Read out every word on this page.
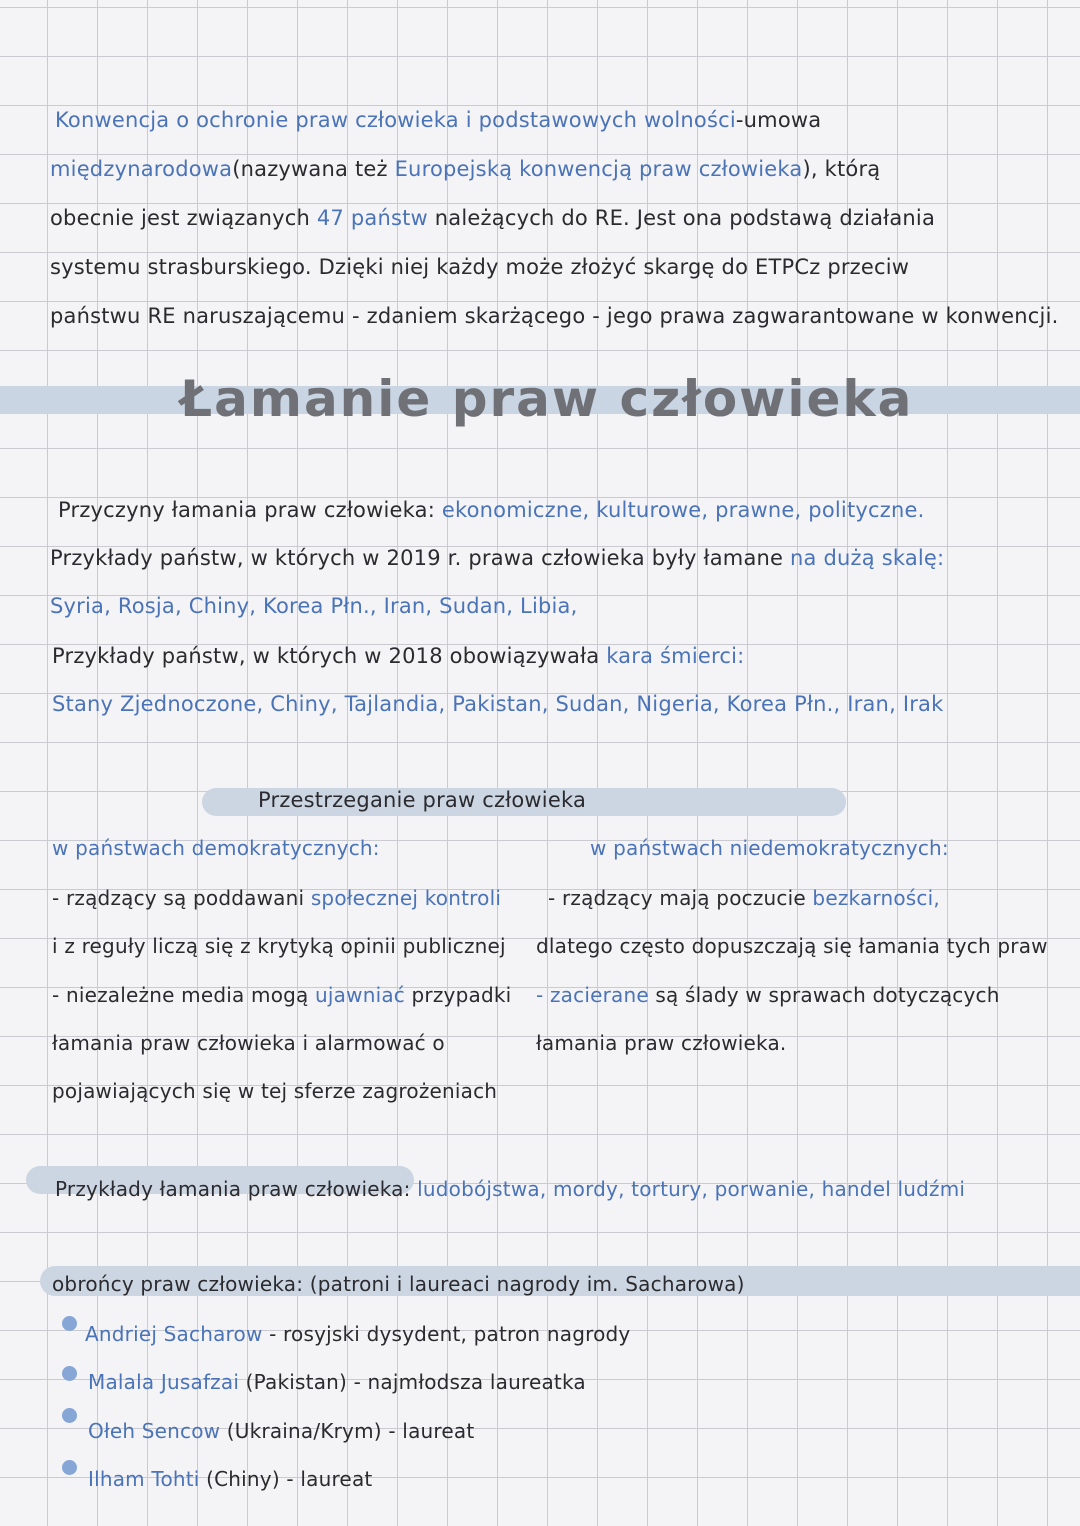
Konwencja o ochronie praw człowieka i podstawowych wolności-umowa
międzynarodowa(nazywana też Europejską konwencją praw człowieka), którą
obecnie jest związanych 47 państw należących do RE. Jest ona podstawą działania
systemu strasburskiego. Dzięki niej każdy może złożyć skargę do ETPCz przeciw
państwu RE naruszającemu - zdaniem skarżącego - jego prawa zagwarantowane w konwencji.
Łamanie praw człowieka
Przyczyny łamania praw człowieka: ekonomiczne, kulturowe, prawne, polityczne.
Przykłady państw, w których w 2019 r. prawa człowieka były łamane na dużą skalę:
Syria, Rosja, Chiny, Korea Płn., Iran, Sudan, Libia,
Przykłady państw, w których w 2018 obowiązywała kara śmierci:
Stany Zjednoczone, Chiny, Tajlandia, Pakistan, Sudan, Nigeria, Korea Płn., Iran, Irak
Przestrzeganie praw człowieka
w państwach demokratycznych:
- rządzący są poddawani społecznej kontroli
i z reguły liczą się z krytyką opinii publicznej
- niezależne media mogą ujawniać przypadki
łamania praw człowieka i alarmować o
pojawiających się w tej sferze zagrożeniach
w państwach niedemokratycznych:
- rządzący mają poczucie bezkarności,
dlatego często dopuszczają się łamania tych praw
- zacierane są ślady w sprawach dotyczących
łamania praw człowieka.
Przykłady łamania praw człowieka: ludobójstwa, mordy, tortury, porwanie, handel ludźmi
obrońcy praw człowieka: (patroni i laureaci nagrody im. Sacharowa)
Andriej Sacharow - rosyjski dysydent, patron nagrody
Malala Jusafzai (Pakistan) - najmłodsza laureatka
Ołeh Sencow (Ukraina/Krym) - laureat
Ilham Tohti (Chiny) - laureat
